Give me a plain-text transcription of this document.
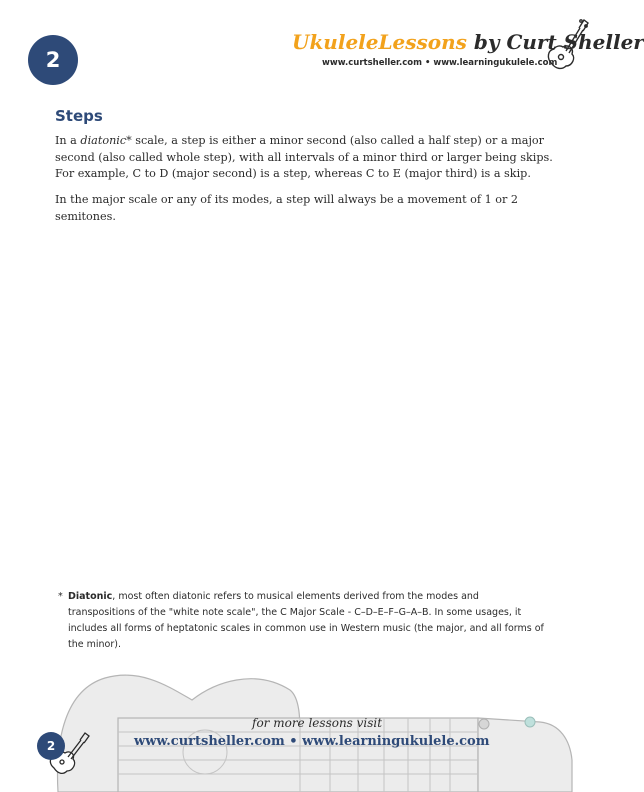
2
UkuleleLessons by Curt Sheller
www.curtsheller.com • www.learningukulele.com
Steps

In a diatonic* scale, a step is either a minor second (also called a half step) or a major second (also called whole step), with all intervals of a minor third or larger being skips. For example, C to D (major second) is a step, whereas C to E (major third) is a skip.

In the major scale or any of its modes, a step will always be a movement of 1 or 2 semitones.

* Diatonic, most often diatonic refers to musical elements derived from the modes and transpositions of the "white note scale", the C Major Scale - C–D–E–F–G–A–B. In some usages, it includes all forms of heptatonic scales in common use in Western music (the major, and all forms of the minor).
for more lessons visit
www.curtsheller.com • www.learningukulele.com
2
